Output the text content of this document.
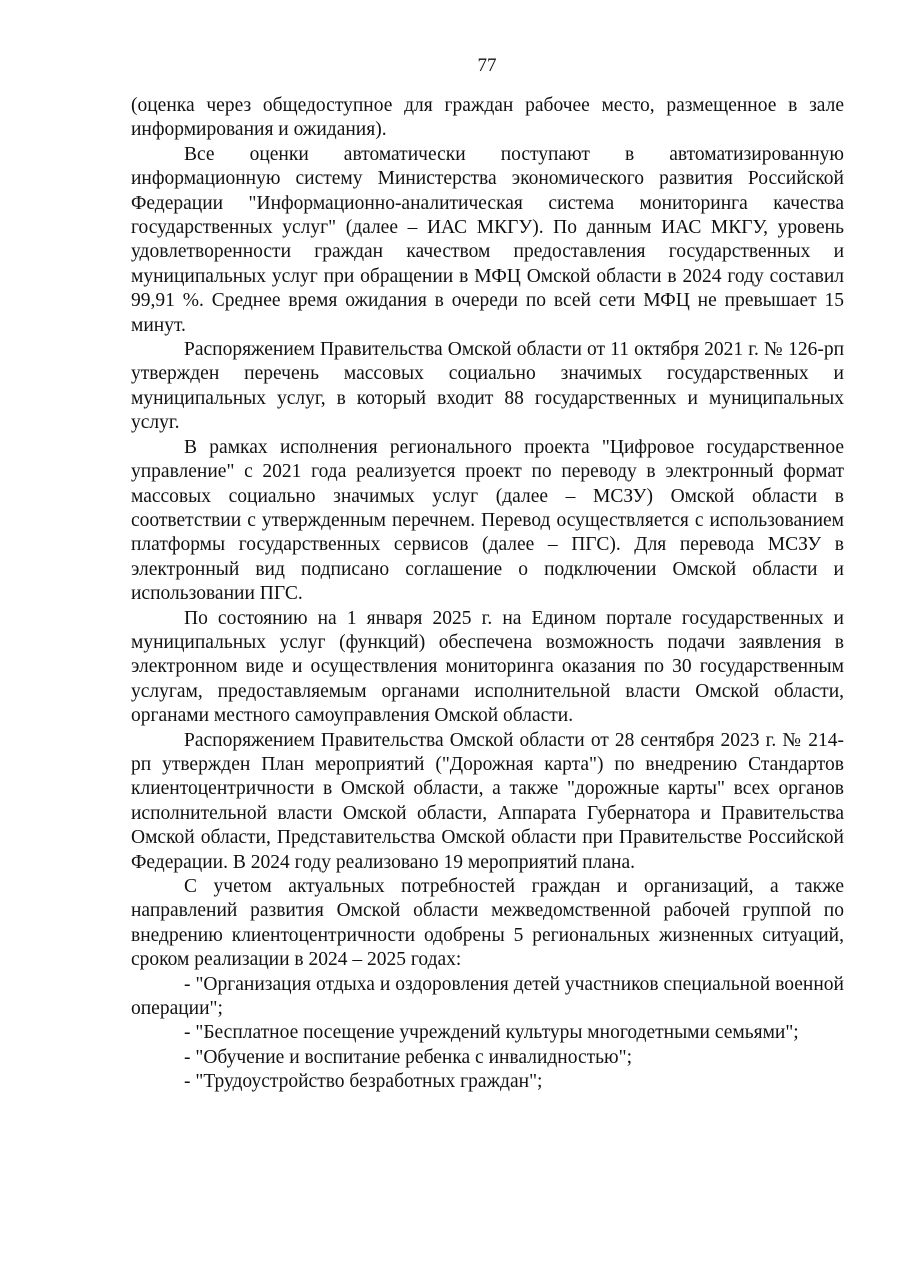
77

(оценка через общедоступное для граждан рабочее место, размещенное в зале информирования и ожидания).

Все оценки автоматически поступают в автоматизированную информационную систему Министерства экономического развития Российской Федерации "Информационно-аналитическая система мониторинга качества государственных услуг" (далее – ИАС МКГУ). По данным ИАС МКГУ, уровень удовлетворенности граждан качеством предоставления государственных и муниципальных услуг при обращении в МФЦ Омской области в 2024 году составил 99,91 %. Среднее время ожидания в очереди по всей сети МФЦ не превышает 15 минут.

Распоряжением Правительства Омской области от 11 октября 2021 г. № 126-рп утвержден перечень массовых социально значимых государственных и муниципальных услуг, в который входит 88 государственных и муниципальных услуг.

В рамках исполнения регионального проекта "Цифровое государственное управление" с 2021 года реализуется проект по переводу в электронный формат массовых социально значимых услуг (далее – МСЗУ) Омской области в соответствии с утвержденным перечнем. Перевод осуществляется с использованием платформы государственных сервисов (далее – ПГС). Для перевода МСЗУ в электронный вид подписано соглашение о подключении Омской области и использовании ПГС.

По состоянию на 1 января 2025 г. на Едином портале государственных и муниципальных услуг (функций) обеспечена возможность подачи заявления в электронном виде и осуществления мониторинга оказания по 30 государственным услугам, предоставляемым органами исполнительной власти Омской области, органами местного самоуправления Омской области.

Распоряжением Правительства Омской области от 28 сентября 2023 г. № 214-рп утвержден План мероприятий ("Дорожная карта") по внедрению Стандартов клиентоцентричности в Омской области, а также "дорожные карты" всех органов исполнительной власти Омской области, Аппарата Губернатора и Правительства Омской области, Представительства Омской области при Правительстве Российской Федерации. В 2024 году реализовано 19 мероприятий плана.

С учетом актуальных потребностей граждан и организаций, а также направлений развития Омской области межведомственной рабочей группой по внедрению клиентоцентричности одобрены 5 региональных жизненных ситуаций, сроком реализации в 2024 – 2025 годах:

- "Организация отдыха и оздоровления детей участников специальной военной операции";

- "Бесплатное посещение учреждений культуры многодетными семьями";

- "Обучение и воспитание ребенка с инвалидностью";

- "Трудоустройство безработных граждан";
